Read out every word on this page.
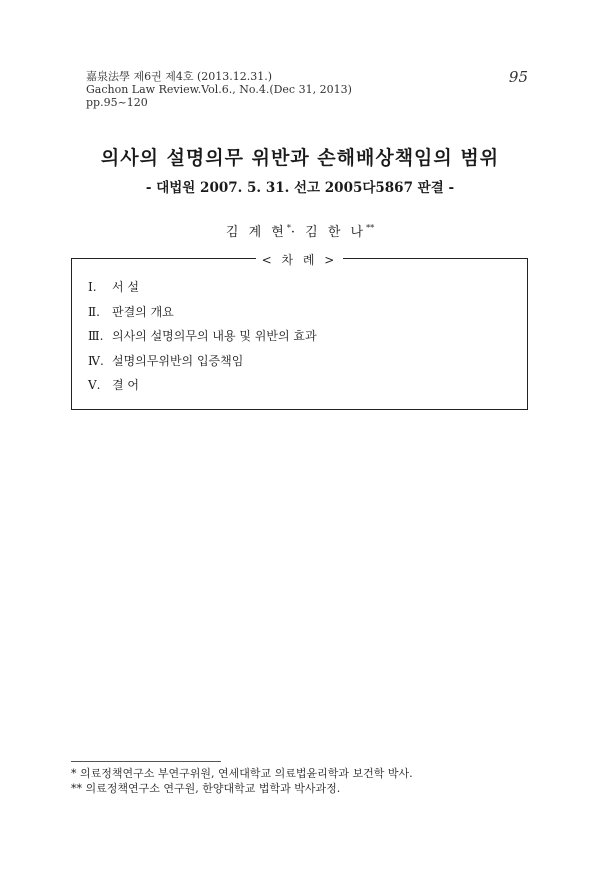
嘉泉法學 제6권 제4호 (2013.12.31.)
Gachon Law Review.Vol.6., No.4.(Dec 31, 2013)
pp.95~120
95
의사의 설명의무 위반과 손해배상책임의 범위
- 대법원 2007. 5. 31. 선고 2005다5867 판결 -
김 계 현*· 김 한 나**
< 차 례 >
Ⅰ. 서 설
Ⅱ. 판결의 개요
Ⅲ. 의사의 설명의무의 내용 및 위반의 효과
Ⅳ. 설명의무위반의 입증책임
Ⅴ. 결 어
* 의료정책연구소 부연구위원, 연세대학교 의료법윤리학과 보건학 박사.
** 의료정책연구소 연구원, 한양대학교 법학과 박사과정.
